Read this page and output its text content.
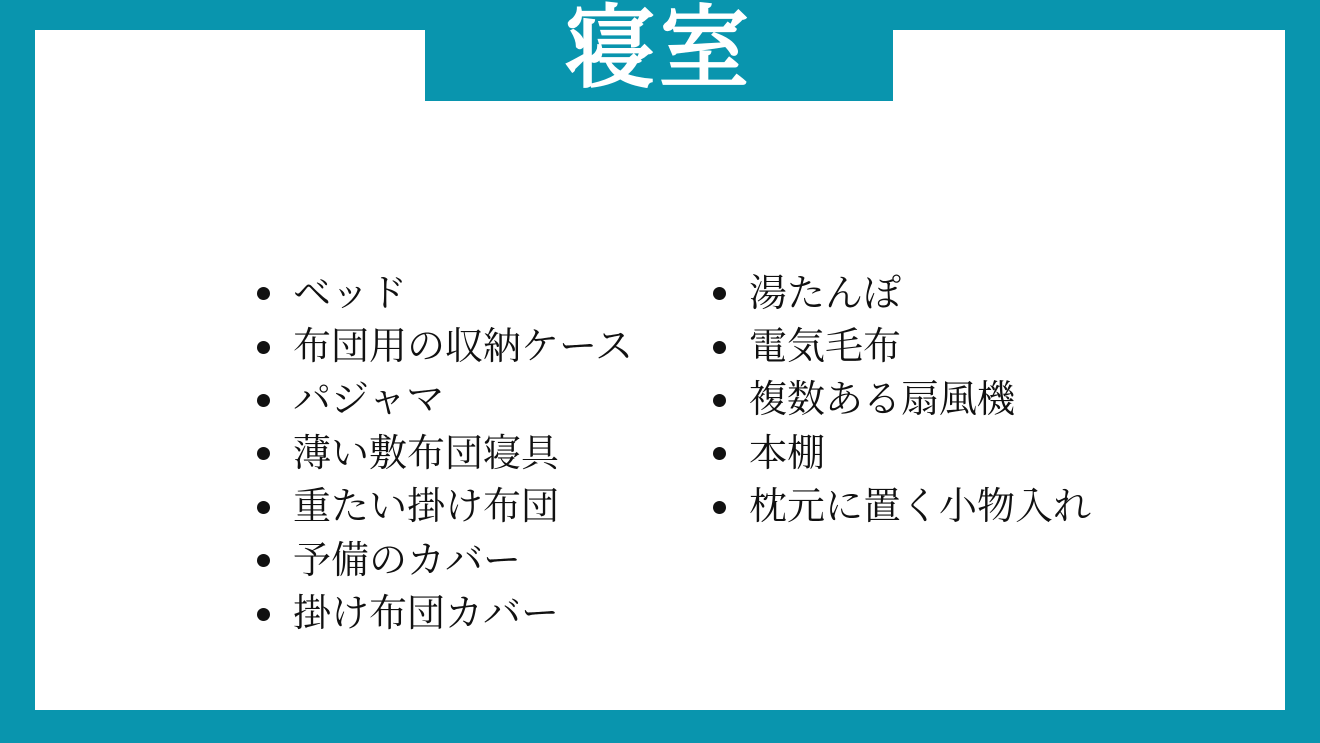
ベッド
布団用の収納ケース
パジャマ
薄い敷布団寝具
重たい掛け布団
予備のカバー
掛け布団カバー
湯たんぽ
電気毛布
複数ある扇風機
本棚
枕元に置く小物入れ
寝室
